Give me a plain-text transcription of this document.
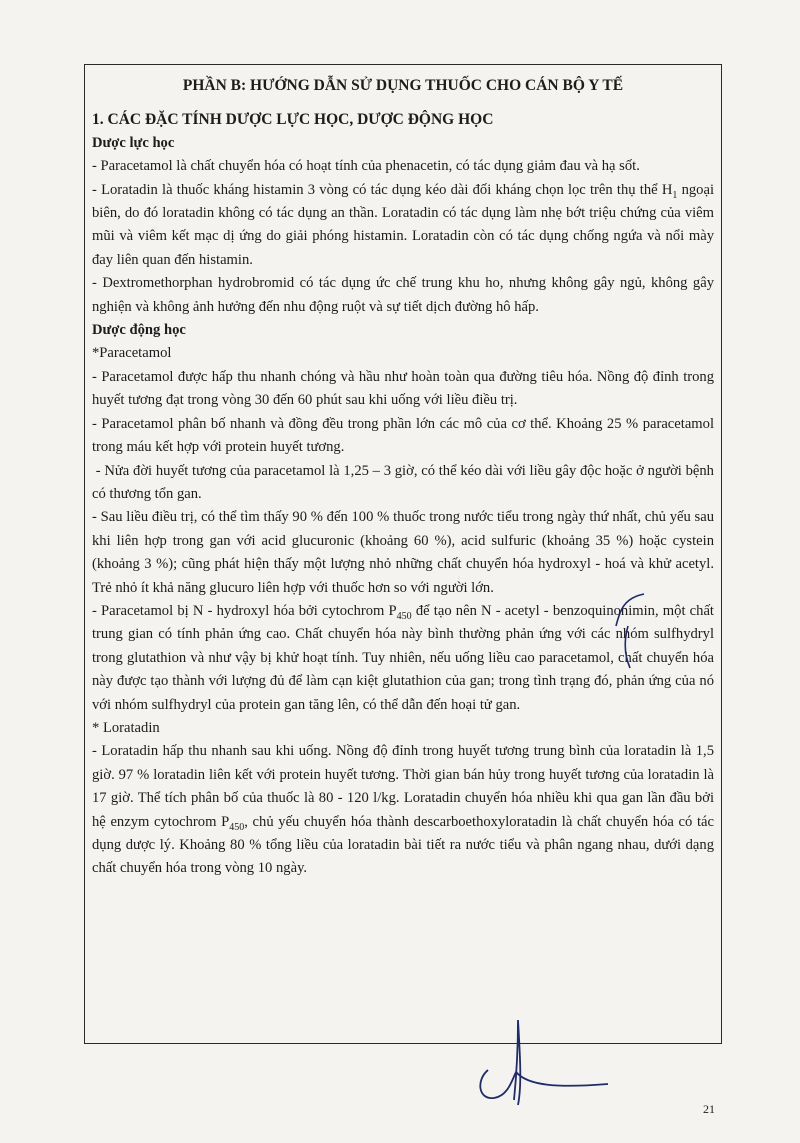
PHẦN B: HƯỚNG DẪN SỬ DỤNG THUỐC CHO CÁN BỘ Y TẾ

1. CÁC ĐẶC TÍNH DƯỢC LỰC HỌC, DƯỢC ĐỘNG HỌC

Dược lực học

- Paracetamol là chất chuyển hóa có hoạt tính của phenacetin, có tác dụng giảm đau và hạ sốt.

- Loratadin là thuốc kháng histamin 3 vòng có tác dụng kéo dài đối kháng chọn lọc trên thụ thể $H_1$ ngoại biên, do đó loratadin không có tác dụng an thần. Loratadin có tác dụng làm nhẹ bớt triệu chứng của viêm mũi và viêm kết mạc dị ứng do giải phóng histamin. Loratadin còn có tác dụng chống ngứa và nổi mày đay liên quan đến histamin.

- Dextromethorphan hydrobromid có tác dụng ức chế trung khu ho, nhưng không gây ngủ, không gây nghiện và không ảnh hưởng đến nhu động ruột và sự tiết dịch đường hô hấp.

Dược động học

*Paracetamol

- Paracetamol được hấp thu nhanh chóng và hầu như hoàn toàn qua đường tiêu hóa. Nồng độ đỉnh trong huyết tương đạt trong vòng 30 đến 60 phút sau khi uống với liều điều trị.

- Paracetamol phân bố nhanh và đồng đều trong phần lớn các mô của cơ thể. Khoảng 25 % paracetamol trong máu kết hợp với protein huyết tương.

- Nửa đời huyết tương của paracetamol là 1,25 – 3 giờ, có thể kéo dài với liều gây độc hoặc ở người bệnh có thương tổn gan.

- Sau liều điều trị, có thể tìm thấy 90 % đến 100 % thuốc trong nước tiểu trong ngày thứ nhất, chủ yếu sau khi liên hợp trong gan với acid glucuronic (khoảng 60 %), acid sulfuric (khoảng 35 %) hoặc cystein (khoảng 3 %); cũng phát hiện thấy một lượng nhỏ những chất chuyển hóa hydroxyl - hoá và khử acetyl. Trẻ nhỏ ít khả năng glucuro liên hợp với thuốc hơn so với người lớn.

- Paracetamol bị N - hydroxyl hóa bởi cytochrom $P_{450}$ để tạo nên N - acetyl - benzoquinonimin, một chất trung gian có tính phản ứng cao. Chất chuyển hóa này bình thường phản ứng với các nhóm sulfhydryl trong glutathion và như vậy bị khử hoạt tính. Tuy nhiên, nếu uống liều cao paracetamol, chất chuyển hóa này được tạo thành với lượng đủ để làm cạn kiệt glutathion của gan; trong tình trạng đó, phản ứng của nó với nhóm sulfhydryl của protein gan tăng lên, có thể dẫn đến hoại tử gan.

* Loratadin

- Loratadin hấp thu nhanh sau khi uống. Nồng độ đỉnh trong huyết tương trung bình của loratadin là 1,5 giờ. 97 % loratadin liên kết với protein huyết tương. Thời gian bán hủy trong huyết tương của loratadin là 17 giờ. Thể tích phân bố của thuốc là 80 - 120 l/kg. Loratadin chuyển hóa nhiều khi qua gan lần đầu bởi hệ enzym cytochrom $P_{450}$, chủ yếu chuyển hóa thành descarboethoxyloratadin là chất chuyển hóa có tác dụng dược lý. Khoảng 80 % tổng liều của loratadin bài tiết ra nước tiểu và phân ngang nhau, dưới dạng chất chuyển hóa trong vòng 10 ngày.

21
